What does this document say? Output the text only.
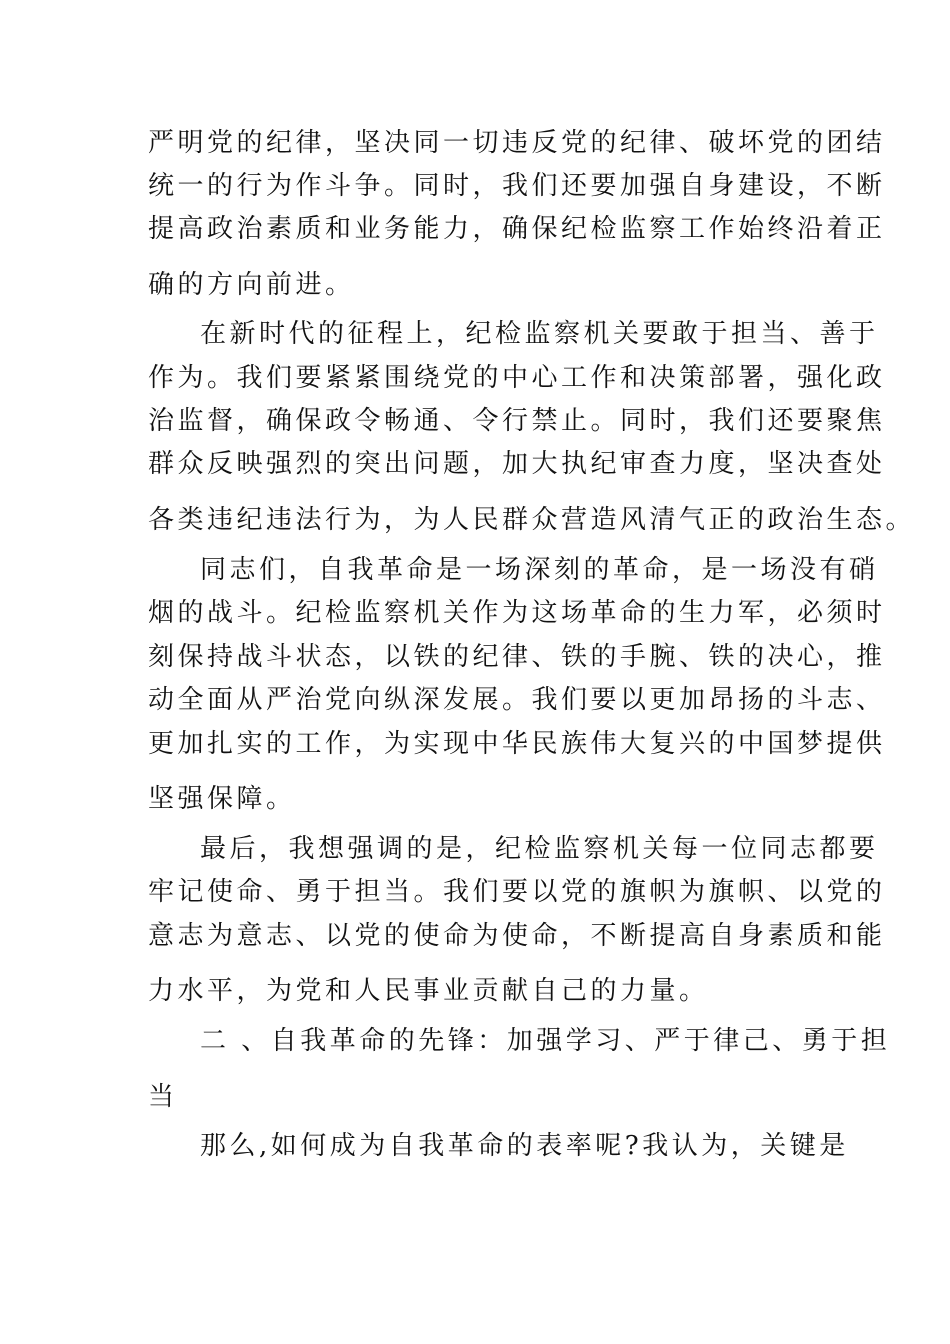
严明党的纪律，坚决同一切违反党的纪律、破坏党的团结
统一的行为作斗争。同时，我们还要加强自身建设，不断
提高政治素质和业务能力，确保纪检监察工作始终沿着正
确的方向前进。
在新时代的征程上，纪检监察机关要敢于担当、善于
作为。我们要紧紧围绕党的中心工作和决策部署，强化政
治监督，确保政令畅通、令行禁止。同时，我们还要聚焦
群众反映强烈的突出问题，加大执纪审查力度，坚决查处
各类违纪违法行为，为人民群众营造风清气正的政治生态。
同志们，自我革命是一场深刻的革命，是一场没有硝
烟的战斗。纪检监察机关作为这场革命的生力军，必须时
刻保持战斗状态，以铁的纪律、铁的手腕、铁的决心，推
动全面从严治党向纵深发展。我们要以更加昂扬的斗志、
更加扎实的工作，为实现中华民族伟大复兴的中国梦提供
坚强保障。
最后，我想强调的是，纪检监察机关每一位同志都要
牢记使命、勇于担当。我们要以党的旗帜为旗帜、以党的
意志为意志、以党的使命为使命，不断提高自身素质和能
力水平，为党和人民事业贡献自己的力量。
二 、自我革命的先锋：加强学习、严于律己、勇于担
当
那么,如何成为自我革命的表率呢?我认为，关键是
